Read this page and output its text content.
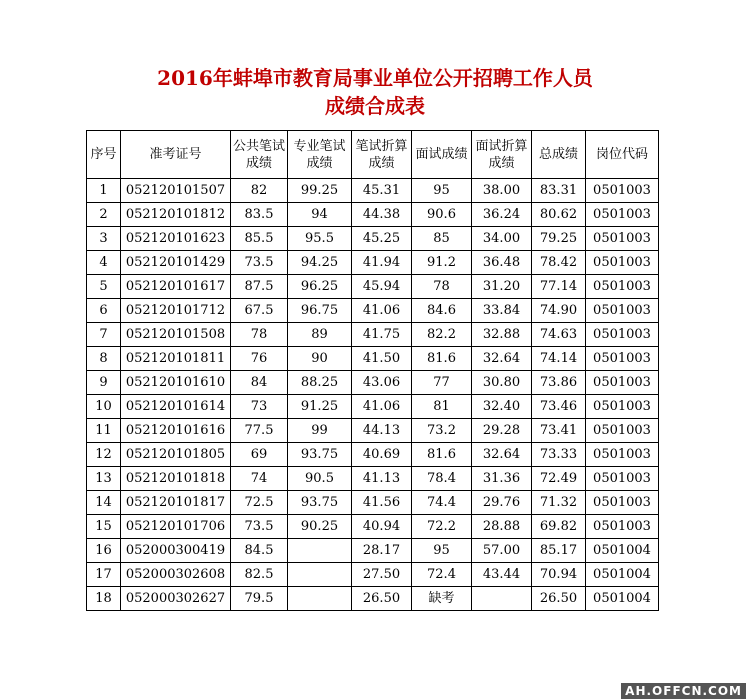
2016年蚌埠市教育局事业单位公开招聘工作人员
成绩合成表
序号	准考证号	公共笔试成绩	专业笔试成绩	笔试折算成绩	面试成绩	面试折算成绩	总成绩	岗位代码
1	052120101507	82	99.25	45.31	95	38.00	83.31	0501003
2	052120101812	83.5	94	44.38	90.6	36.24	80.62	0501003
3	052120101623	85.5	95.5	45.25	85	34.00	79.25	0501003
4	052120101429	73.5	94.25	41.94	91.2	36.48	78.42	0501003
5	052120101617	87.5	96.25	45.94	78	31.20	77.14	0501003
6	052120101712	67.5	96.75	41.06	84.6	33.84	74.90	0501003
7	052120101508	78	89	41.75	82.2	32.88	74.63	0501003
8	052120101811	76	90	41.50	81.6	32.64	74.14	0501003
9	052120101610	84	88.25	43.06	77	30.80	73.86	0501003
10	052120101614	73	91.25	41.06	81	32.40	73.46	0501003
11	052120101616	77.5	99	44.13	73.2	29.28	73.41	0501003
12	052120101805	69	93.75	40.69	81.6	32.64	73.33	0501003
13	052120101818	74	90.5	41.13	78.4	31.36	72.49	0501003
14	052120101817	72.5	93.75	41.56	74.4	29.76	71.32	0501003
15	052120101706	73.5	90.25	40.94	72.2	28.88	69.82	0501003
16	052000300419	84.5		28.17	95	57.00	85.17	0501004
17	052000302608	82.5		27.50	72.4	43.44	70.94	0501004
18	052000302627	79.5		26.50	缺考		26.50	0501004
AH.OFFCN.COM
